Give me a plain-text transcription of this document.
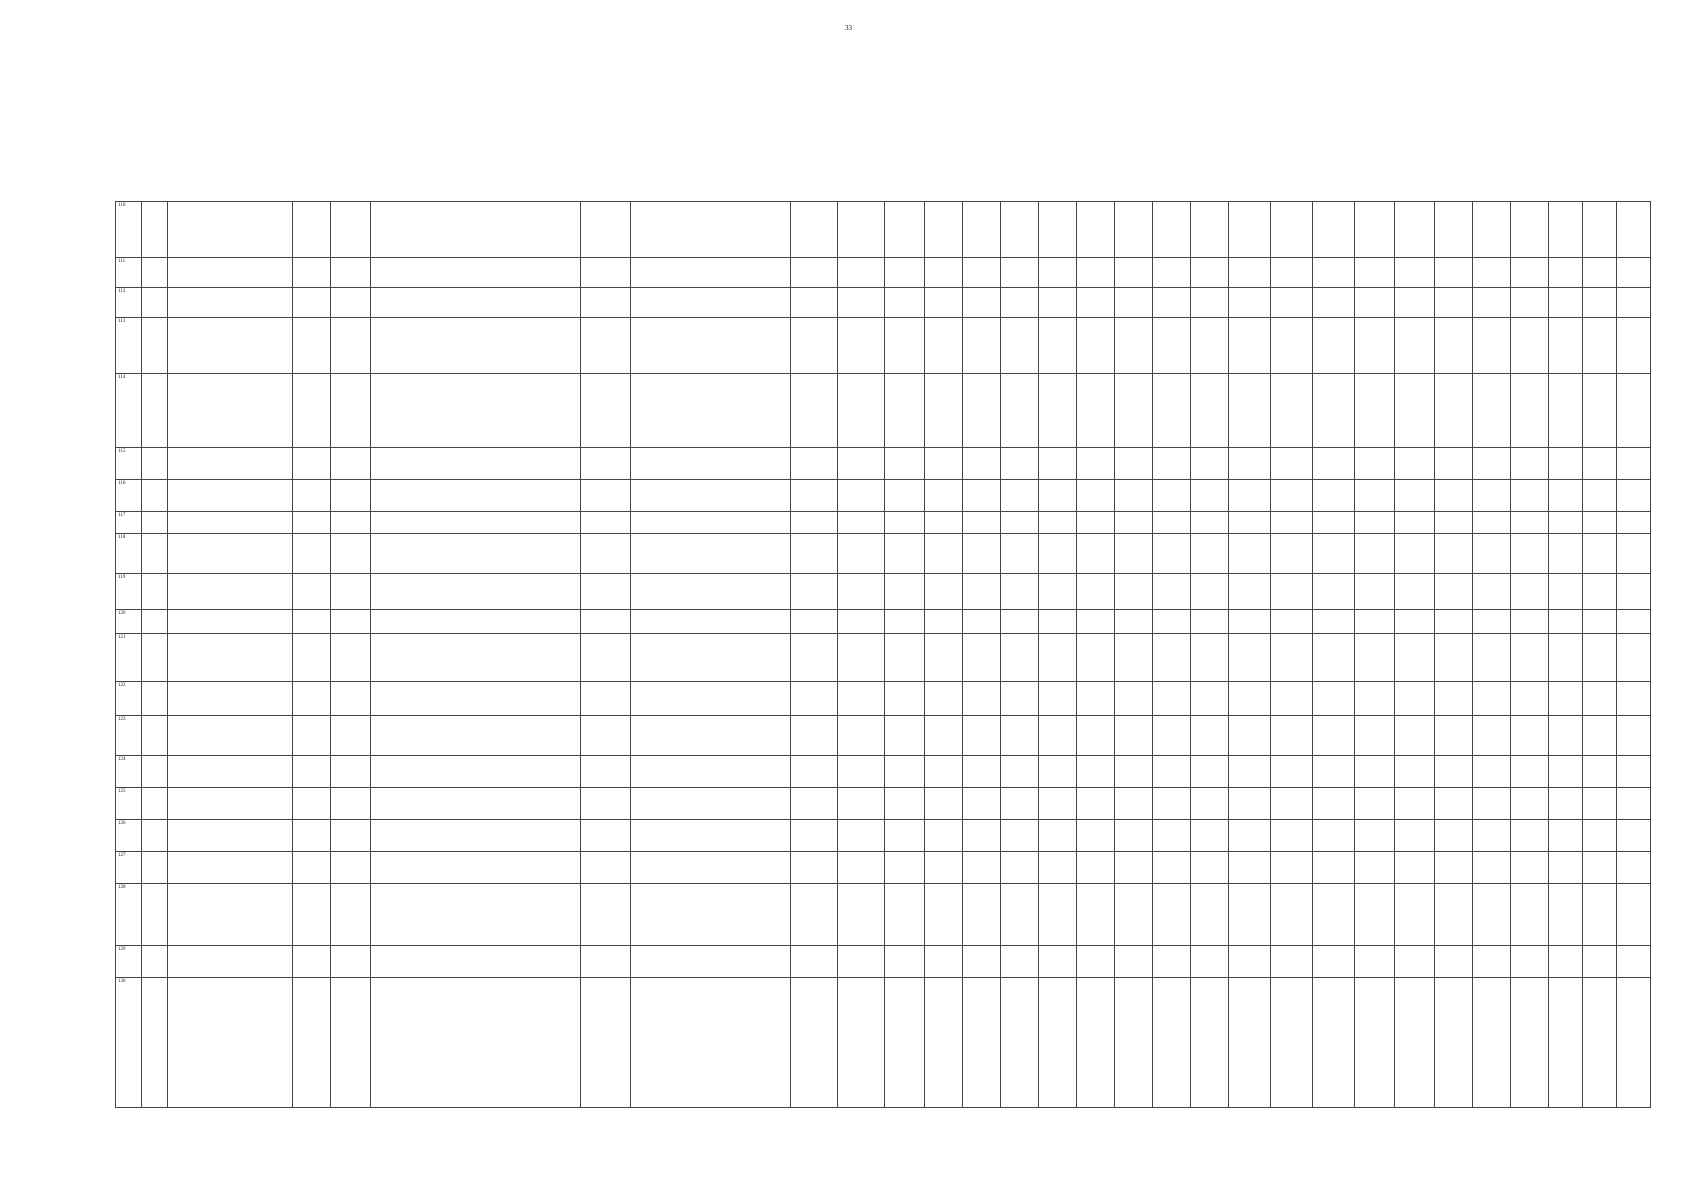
33
110																													
111																													
112																													
113																													
114																													
115																													
116																													
117																													
118																													
119																													
120																													
121																													
122																													
123																													
124																													
125																													
126																													
127																													
128																													
129																													
130																													
